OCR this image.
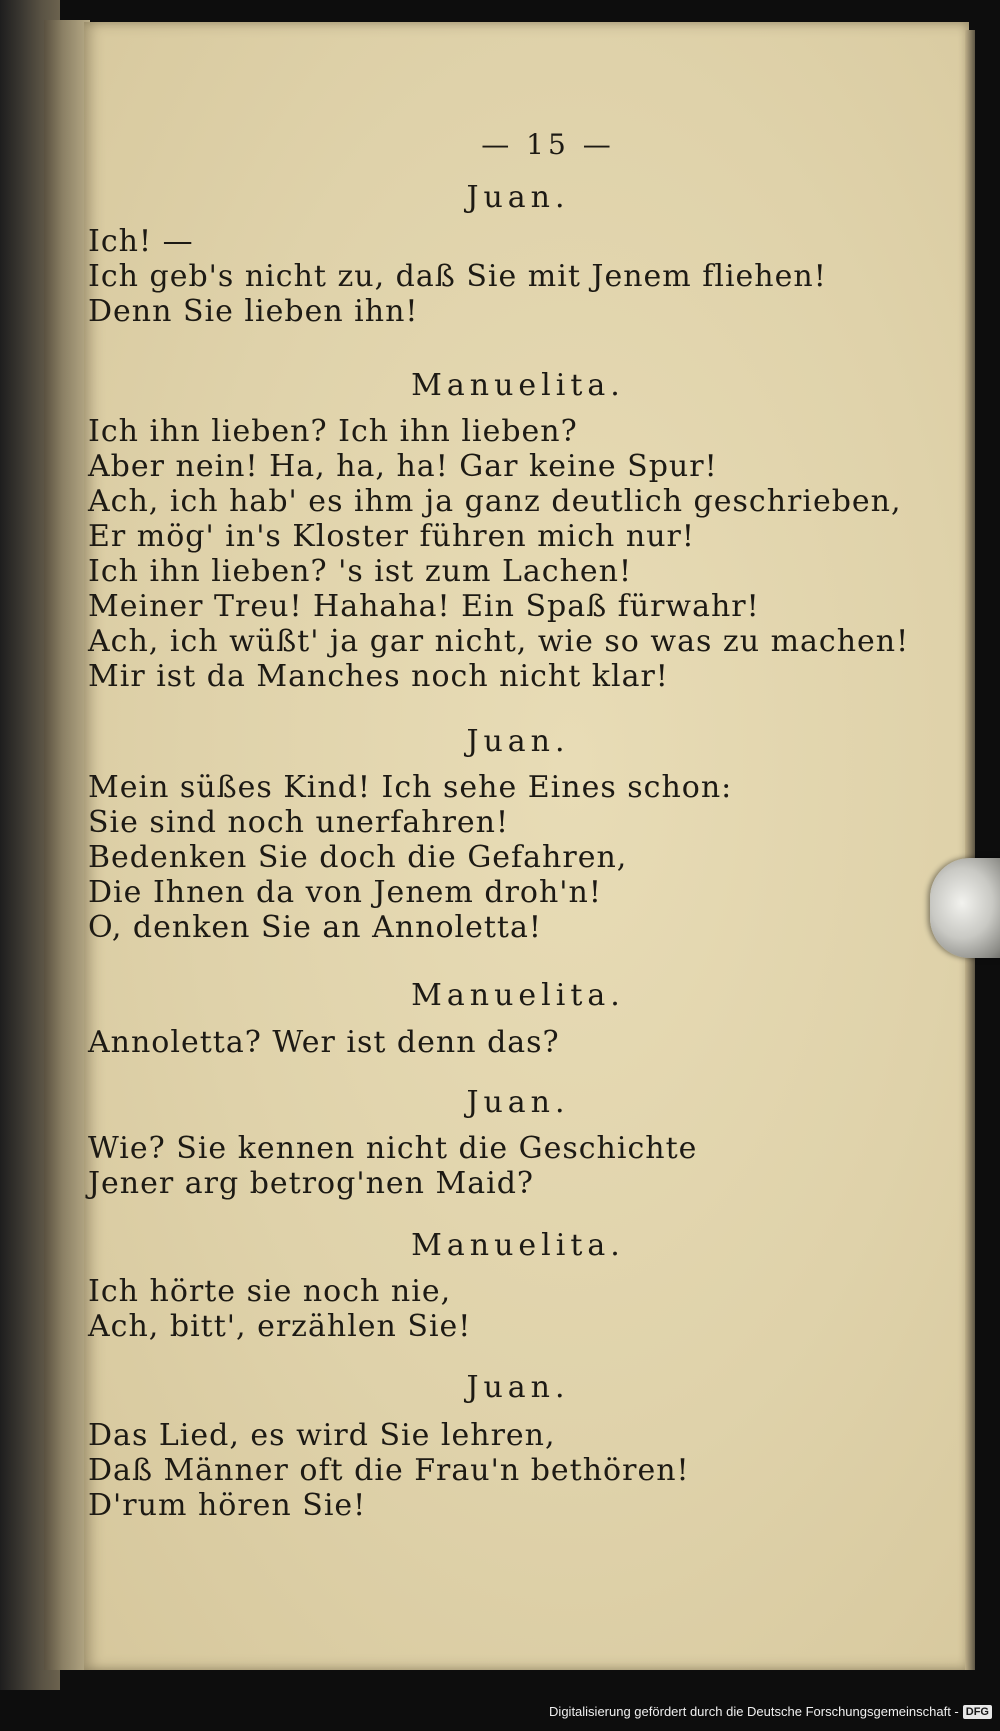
— 15 —
Juan.
Ich! —
Ich geb's nicht zu, daß Sie mit Jenem fliehen!
Denn Sie lieben ihn!
Manuelita.
Ich ihn lieben? Ich ihn lieben?
Aber nein! Ha, ha, ha! Gar keine Spur!
Ach, ich hab' es ihm ja ganz deutlich geschrieben,
Er mög' in's Kloster führen mich nur!
Ich ihn lieben? 's ist zum Lachen!
Meiner Treu! Hahaha! Ein Spaß fürwahr!
Ach, ich wüßt' ja gar nicht, wie so was zu machen!
Mir ist da Manches noch nicht klar!
Juan.
Mein süßes Kind! Ich sehe Eines schon:
Sie sind noch unerfahren!
Bedenken Sie doch die Gefahren,
Die Ihnen da von Jenem droh'n!
O, denken Sie an Annoletta!
Manuelita.
Annoletta? Wer ist denn das?
Juan.
Wie? Sie kennen nicht die Geschichte
Jener arg betrog'nen Maid?
Manuelita.
Ich hörte sie noch nie,
Ach, bitt', erzählen Sie!
Juan.
Das Lied, es wird Sie lehren,
Daß Männer oft die Frau'n bethören!
D'rum hören Sie!
Digitalisierung gefördert durch die Deutsche Forschungsgemeinschaft - DFG
